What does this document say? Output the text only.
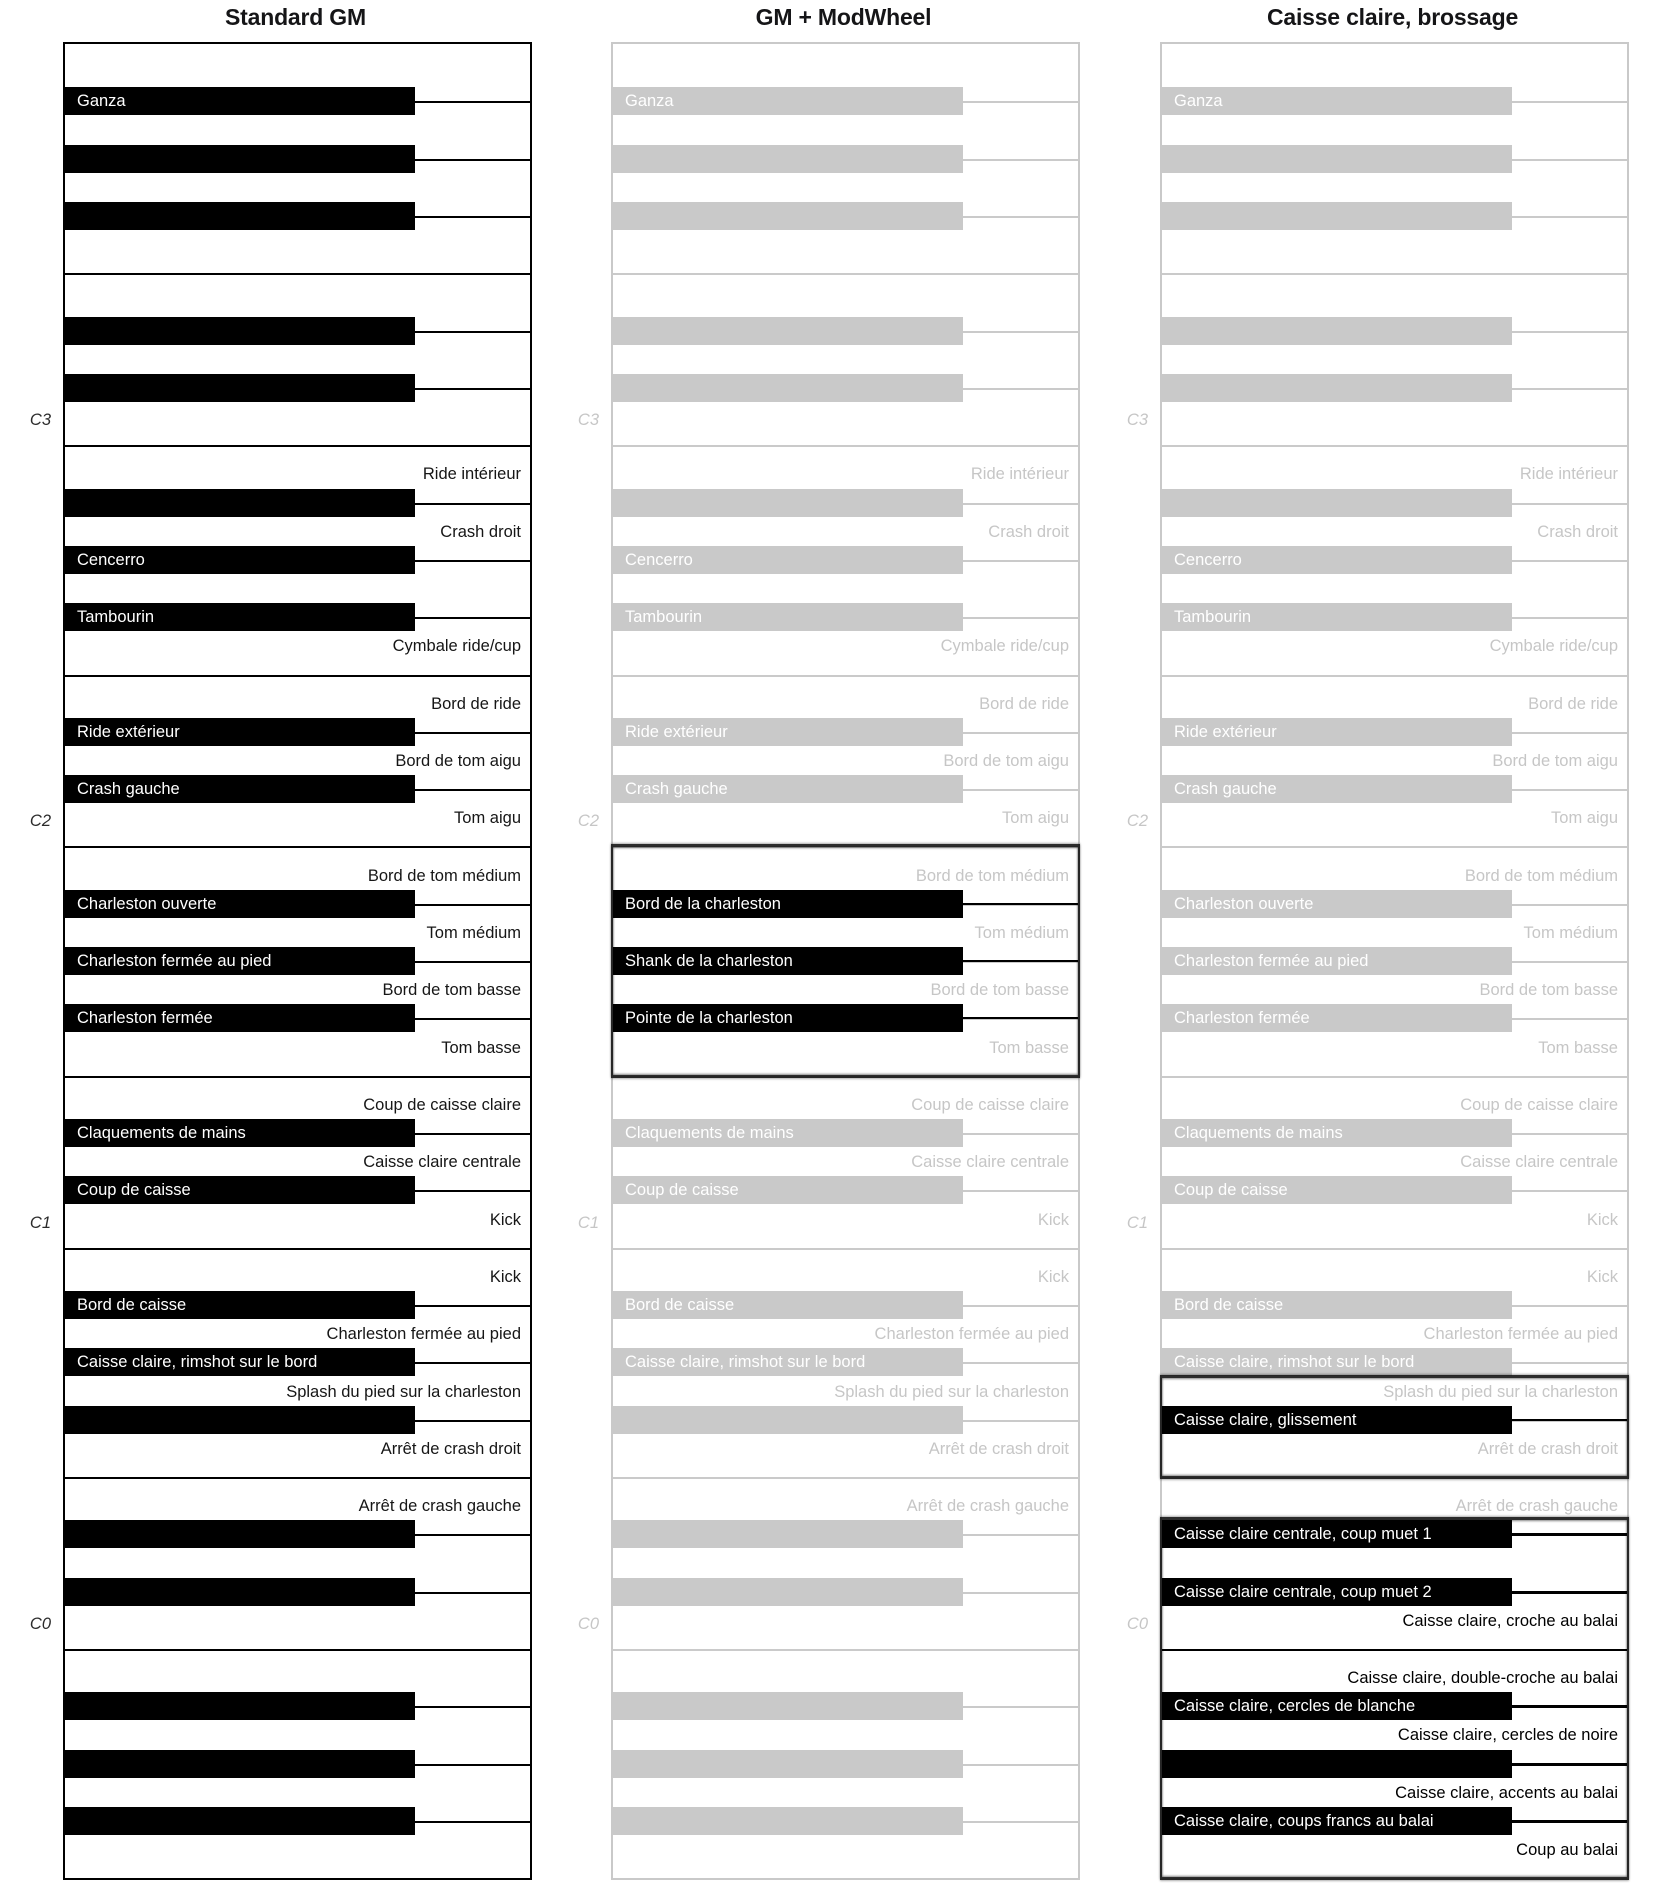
Standard GM
Ganza
Ride intérieur
Crash droit
Cencerro
Tambourin
Cymbale ride/cup
Bord de ride
Ride extérieur
Bord de tom aigu
Crash gauche
Tom aigu
Bord de tom médium
Charleston ouverte
Tom médium
Charleston fermée au pied
Bord de tom basse
Charleston fermée
Tom basse
Coup de caisse claire
Claquements de mains
Caisse claire centrale
Coup de caisse
Kick
Kick
Bord de caisse
Charleston fermée au pied
Caisse claire, rimshot sur le bord
Splash du pied sur la charleston
Arrêt de crash droit
Arrêt de crash gauche
C3
C2
C1
C0
GM + ModWheel
Ganza
Ride intérieur
Crash droit
Cencerro
Tambourin
Cymbale ride/cup
Bord de ride
Ride extérieur
Bord de tom aigu
Crash gauche
Tom aigu
Bord de tom médium
Bord de la charleston
Tom médium
Shank de la charleston
Bord de tom basse
Pointe de la charleston
Tom basse
Coup de caisse claire
Claquements de mains
Caisse claire centrale
Coup de caisse
Kick
Kick
Bord de caisse
Charleston fermée au pied
Caisse claire, rimshot sur le bord
Splash du pied sur la charleston
Arrêt de crash droit
Arrêt de crash gauche
C3
C2
C1
C0
Caisse claire, brossage
Ganza
Ride intérieur
Crash droit
Cencerro
Tambourin
Cymbale ride/cup
Bord de ride
Ride extérieur
Bord de tom aigu
Crash gauche
Tom aigu
Bord de tom médium
Charleston ouverte
Tom médium
Charleston fermée au pied
Bord de tom basse
Charleston fermée
Tom basse
Coup de caisse claire
Claquements de mains
Caisse claire centrale
Coup de caisse
Kick
Kick
Bord de caisse
Charleston fermée au pied
Caisse claire, rimshot sur le bord
Splash du pied sur la charleston
Caisse claire, glissement
Arrêt de crash droit
Arrêt de crash gauche
Caisse claire centrale, coup muet 1
Caisse claire centrale, coup muet 2
Caisse claire, croche au balai
Caisse claire, double-croche au balai
Caisse claire, cercles de blanche
Caisse claire, cercles de noire
Caisse claire, accents au balai
Caisse claire, coups francs au balai
Coup au balai
C3
C2
C1
C0
